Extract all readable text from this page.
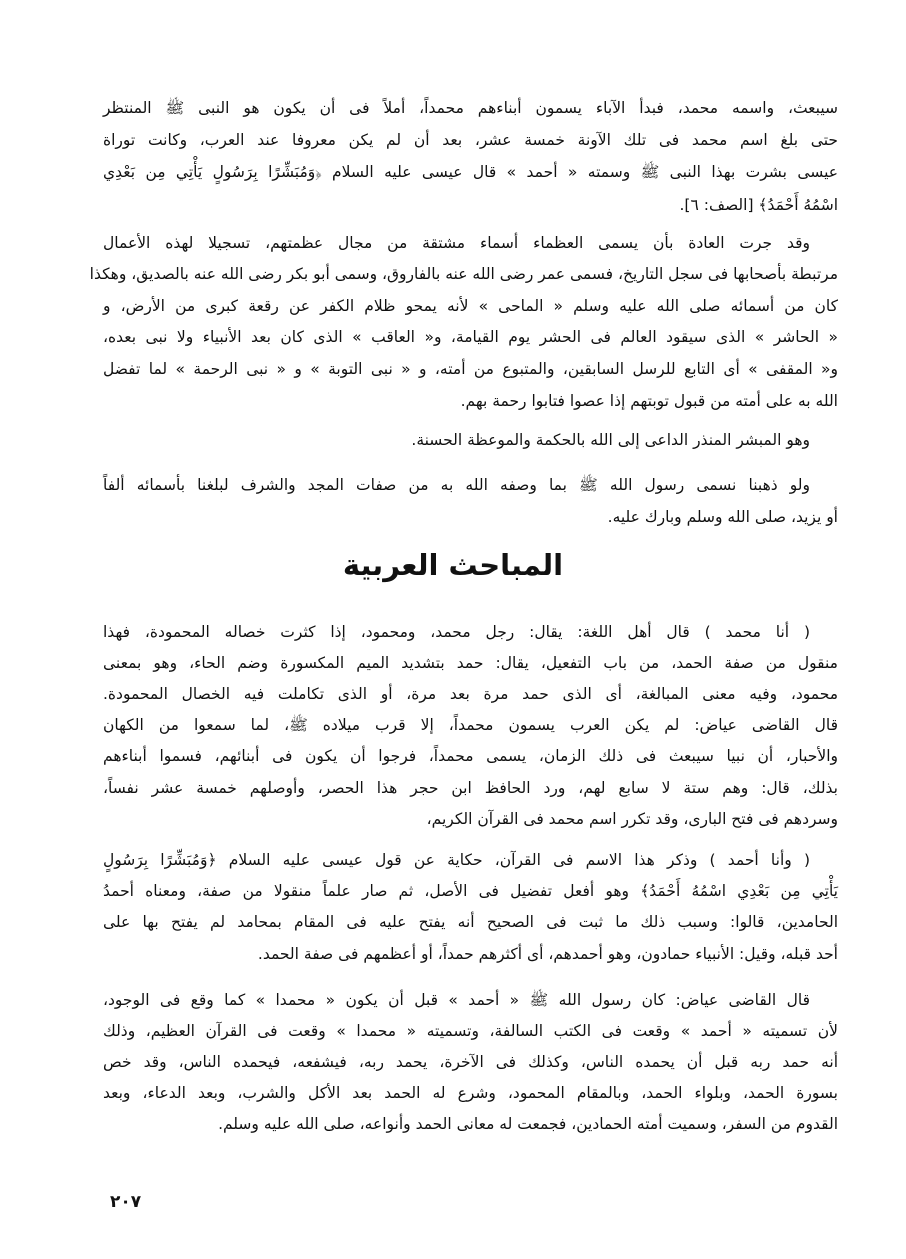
سيبعث، واسمه محمد، فبدأ الآباء يسمون أبناءهم محمداً، أملاً فى أن يكون هو النبى ﷺ المنتظر
حتى بلغ اسم محمد فى تلك الآونة خمسة عشر، بعد أن لم يكن معروفا عند العرب، وكانت توراة
عيسى بشرت بهذا النبى ﷺ وسمته « أحمد » قال عيسى عليه السلام ﴿وَمُبَشِّرًا بِرَسُولٍ يَأْتِي مِن بَعْدِي
اسْمُهُ أَحْمَدُ﴾ [الصف: ٦].
وقد جرت العادة بأن يسمى العظماء أسماء مشتقة من مجال عظمتهم، تسجيلا لهذه الأعمال
مرتبطة بأصحابها فى سجل التاريخ، فسمى عمر رضى الله عنه بالفاروق، وسمى أبو بكر رضى الله عنه بالصديق، وهكذا
كان من أسمائه صلى الله عليه وسلم « الماحى » لأنه يمحو ظلام الكفر عن رقعة كبرى من الأرض، و
« الحاشر » الذى سيقود العالم فى الحشر يوم القيامة، و« العاقب » الذى كان بعد الأنبياء ولا نبى بعده،
و« المقفى » أى التابع للرسل السابقين، والمتبوع من أمته، و « نبى التوبة » و « نبى الرحمة » لما تفضل
الله به على أمته من قبول توبتهم إذا عصوا فتابوا رحمة بهم.
وهو المبشر المنذر الداعى إلى الله بالحكمة والموعظة الحسنة.
ولو ذهبنا نسمى رسول الله ﷺ بما وصفه الله به من صفات المجد والشرف لبلغنا بأسمائه ألفاً
أو يزيد، صلى الله وسلم وبارك عليه.
المباحث العربية
( أنا محمد ) قال أهل اللغة: يقال: رجل محمد، ومحمود، إذا كثرت خصاله المحمودة، فهذا
منقول من صفة الحمد، من باب التفعيل، يقال: حمد بتشديد الميم المكسورة وضم الحاء، وهو بمعنى
محمود، وفيه معنى المبالغة، أى الذى حمد مرة بعد مرة، أو الذى تكاملت فيه الخصال المحمودة.
قال القاضى عياض: لم يكن العرب يسمون محمداً، إلا قرب ميلاده ﷺ، لما سمعوا من الكهان
والأحبار، أن نبيا سيبعث فى ذلك الزمان، يسمى محمداً، فرجوا أن يكون فى أبنائهم، فسموا أبناءهم
بذلك، قال: وهم ستة لا سابع لهم، ورد الحافظ ابن حجر هذا الحصر، وأوصلهم خمسة عشر نفساً،
وسردهم فى فتح البارى، وقد تكرر اسم محمد فى القرآن الكريم،
( وأنا أحمد ) وذكر هذا الاسم فى القرآن، حكاية عن قول عيسى عليه السلام ﴿وَمُبَشِّرًا بِرَسُولٍ
يَأْتِي مِن بَعْدِي اسْمُهُ أَحْمَدُ﴾ وهو أفعل تفضيل فى الأصل، ثم صار علماً منقولا من صفة، ومعناه أحمدُ
الحامدين، قالوا: وسبب ذلك ما ثبت فى الصحيح أنه يفتح عليه فى المقام بمحامد لم يفتح بها على
أحد قبله، وقيل: الأنبياء حمادون، وهو أحمدهم، أى أكثرهم حمداً، أو أعظمهم فى صفة الحمد.
قال القاضى عياض: كان رسول الله ﷺ « أحمد » قبل أن يكون « محمدا » كما وقع فى الوجود،
لأن تسميته « أحمد » وقعت فى الكتب السالفة، وتسميته « محمدا » وقعت فى القرآن العظيم، وذلك
أنه حمد ربه قبل أن يحمده الناس، وكذلك فى الآخرة، يحمد ربه، فيشفعه، فيحمده الناس، وقد خص
بسورة الحمد، وبلواء الحمد، وبالمقام المحمود، وشرع له الحمد بعد الأكل والشرب، وبعد الدعاء، وبعد
القدوم من السفر، وسميت أمته الحمادين، فجمعت له معانى الحمد وأنواعه، صلى الله عليه وسلم.
٢٠٧
